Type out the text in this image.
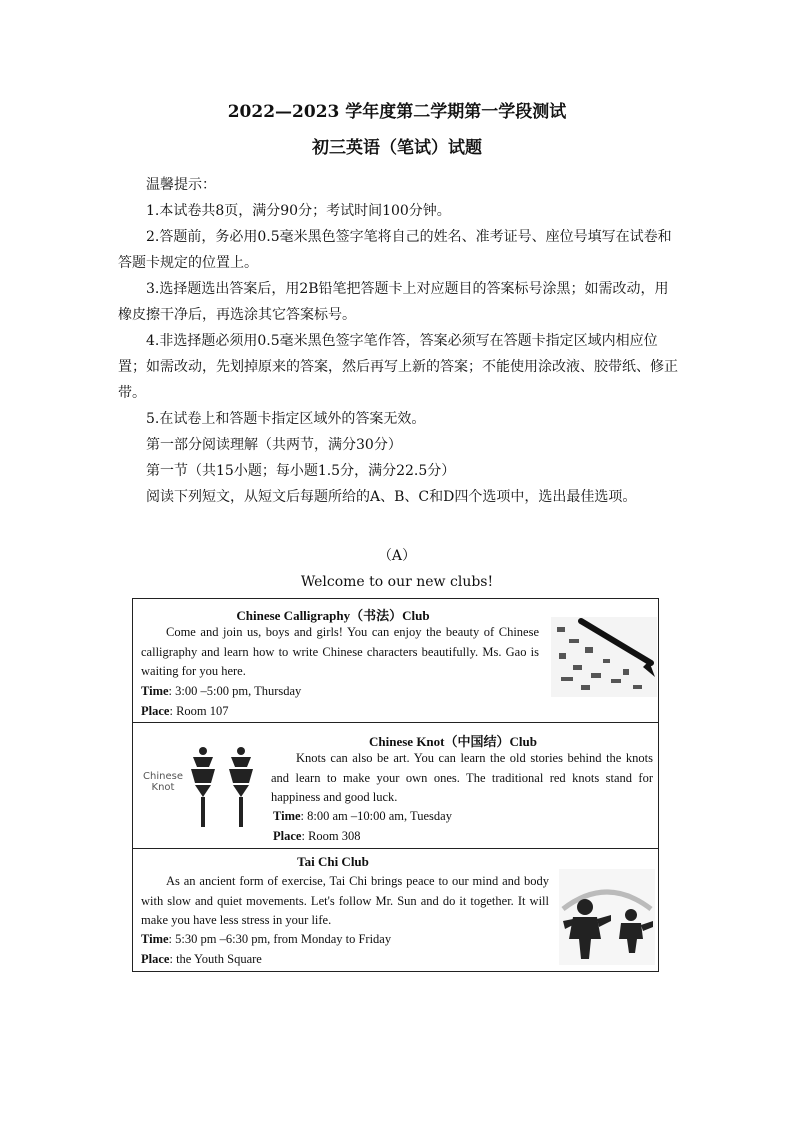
2022—2023 学年度第二学期第一学段测试
初三英语（笔试）试题

温馨提示：

1.本试卷共8页，满分90分；考试时间100分钟。

2.答题前，务必用0.5毫米黑色签字笔将自己的姓名、准考证号、座位号填写在试卷和答题卡规定的位置上。

3.选择题选出答案后，用2B铅笔把答题卡上对应题目的答案标号涂黑；如需改动，用橡皮擦干净后，再选涂其它答案标号。

4.非选择题必须用0.5毫米黑色签字笔作答，答案必须写在答题卡指定区域内相应位置；如需改动，先划掉原来的答案，然后再写上新的答案；不能使用涂改液、胶带纸、修正带。

5.在试卷上和答题卡指定区域外的答案无效。

第一部分阅读理解（共两节，满分30分）

第一节（共15小题；每小题1.5分，满分22.5分）

阅读下列短文，从短文后每题所给的A、B、C和D四个选项中，选出最佳选项。

（A）
Welcome to our new clubs!
Chinese Calligraphy（书法）Club
Come and join us, boys and girls! You can enjoy the beauty of Chinese calligraphy and learn how to write Chinese characters beautifully. Ms. Gao is waiting for you here.
Time: 3:00 –5:00 pm, Thursday
Place: Room 107
Chinese Knot（中国结）Club
Knots can also be art. You can learn the old stories behind the knots and learn to make your own ones. The traditional red knots stand for happiness and good luck.
Time: 8:00 am –10:00 am, Tuesday
Place: Room 308
Chinese Knot
Tai Chi Club
As an ancient form of exercise, Tai Chi brings peace to our mind and body with slow and quiet movements. Let's follow Mr. Sun and do it together. It will make you have less stress in your life.
Time: 5:30 pm –6:30 pm, from Monday to Friday
Place: the Youth Square
